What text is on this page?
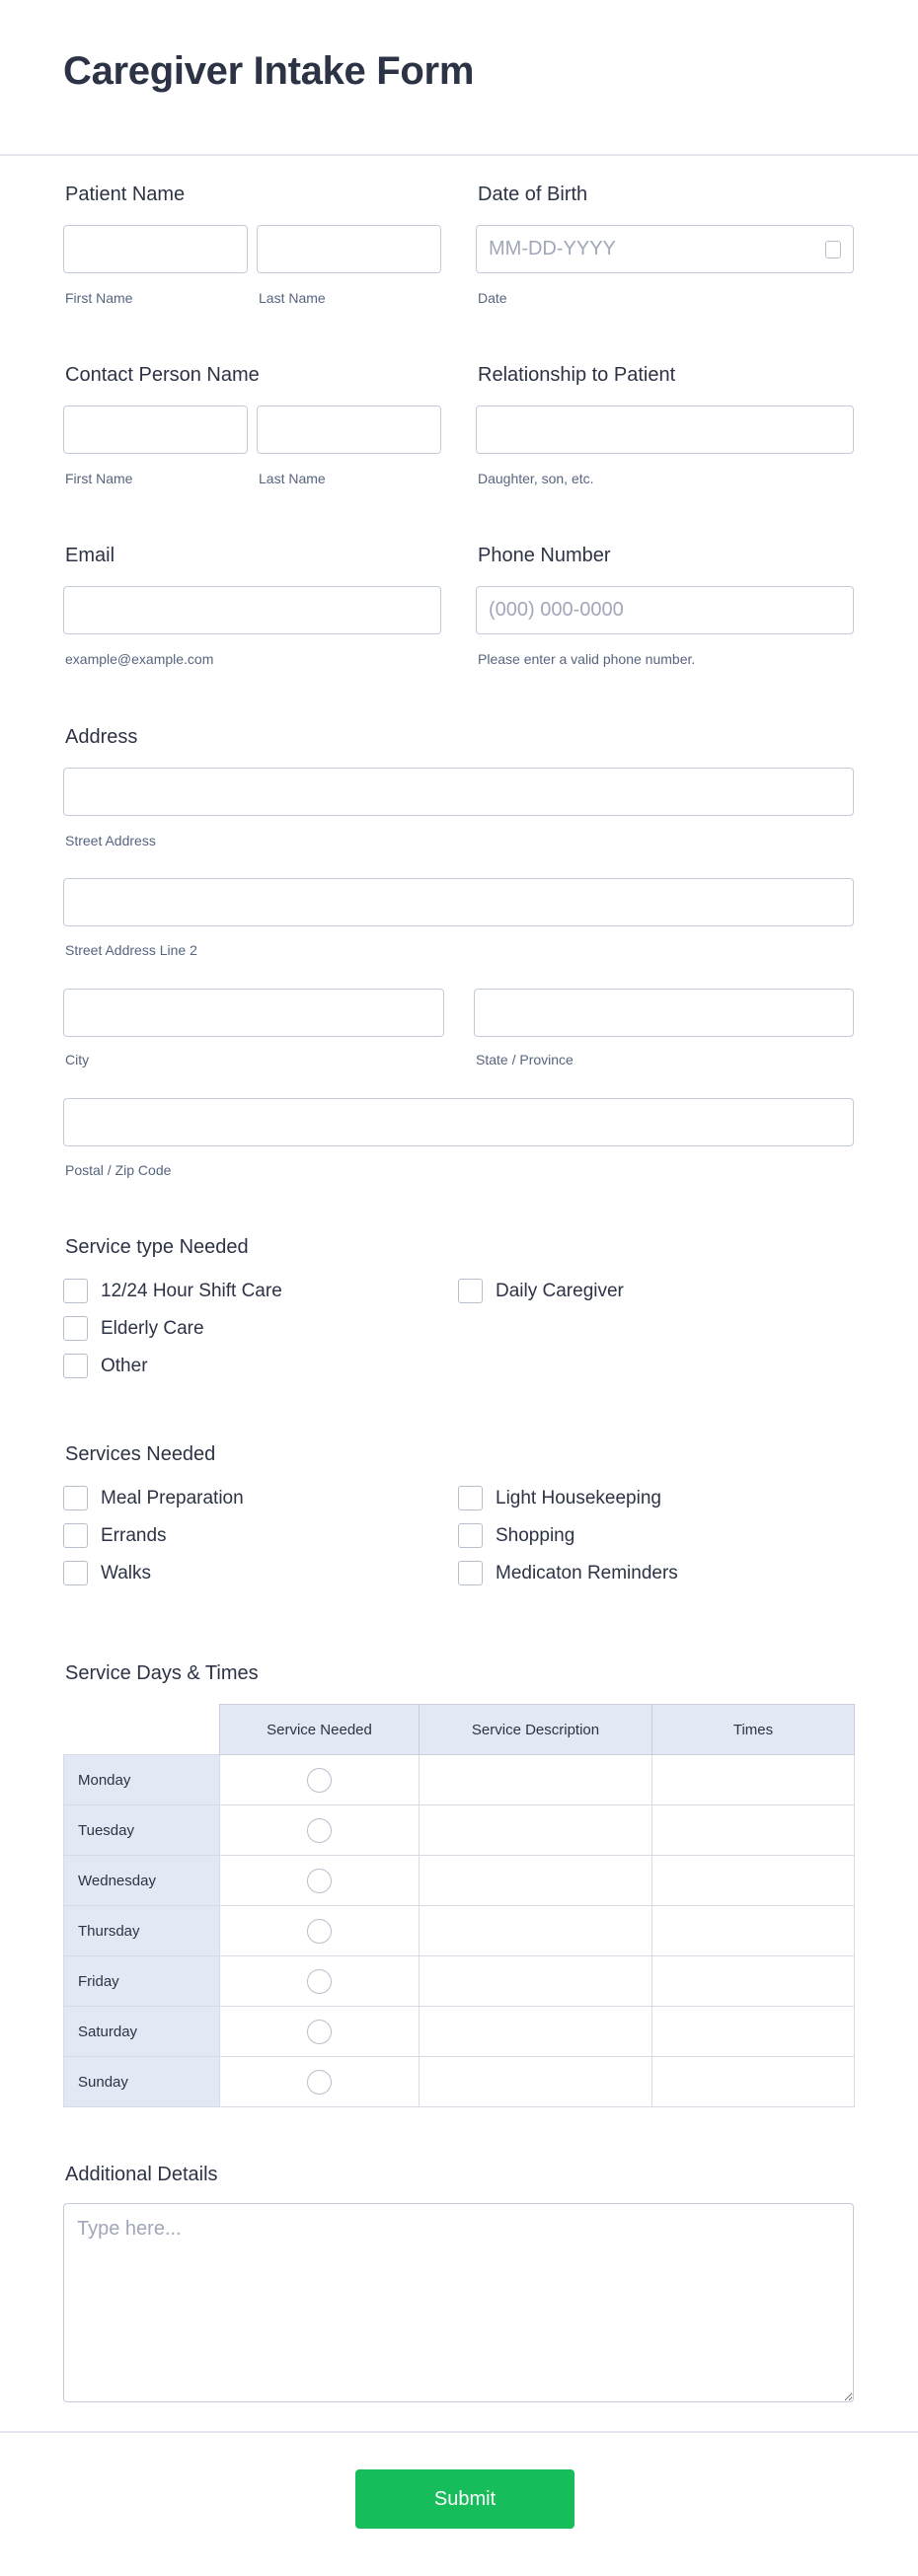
Caregiver Intake Form
Patient Name
First Name	Last Name
Date of Birth
MM-DD-YYYY
Date
Contact Person Name
First Name	Last Name
Relationship to Patient
Daughter, son, etc.
Email
example@example.com
Phone Number
(000) 000-0000
Please enter a valid phone number.
Address
Street Address
Street Address Line 2
City	State / Province
Postal / Zip Code
Service type Needed
12/24 Hour Shift Care	Daily Caregiver
Elderly Care
Other
Services Needed
Meal Preparation	Light Housekeeping
Errands	Shopping
Walks	Medicaton Reminders
Service Days & Times
	Service Needed	Service Description	Times
Monday	

Tuesday	

Wednesday	

Thursday	

Friday	

Saturday	

Sunday	

Additional Details
Type here...
Submit
